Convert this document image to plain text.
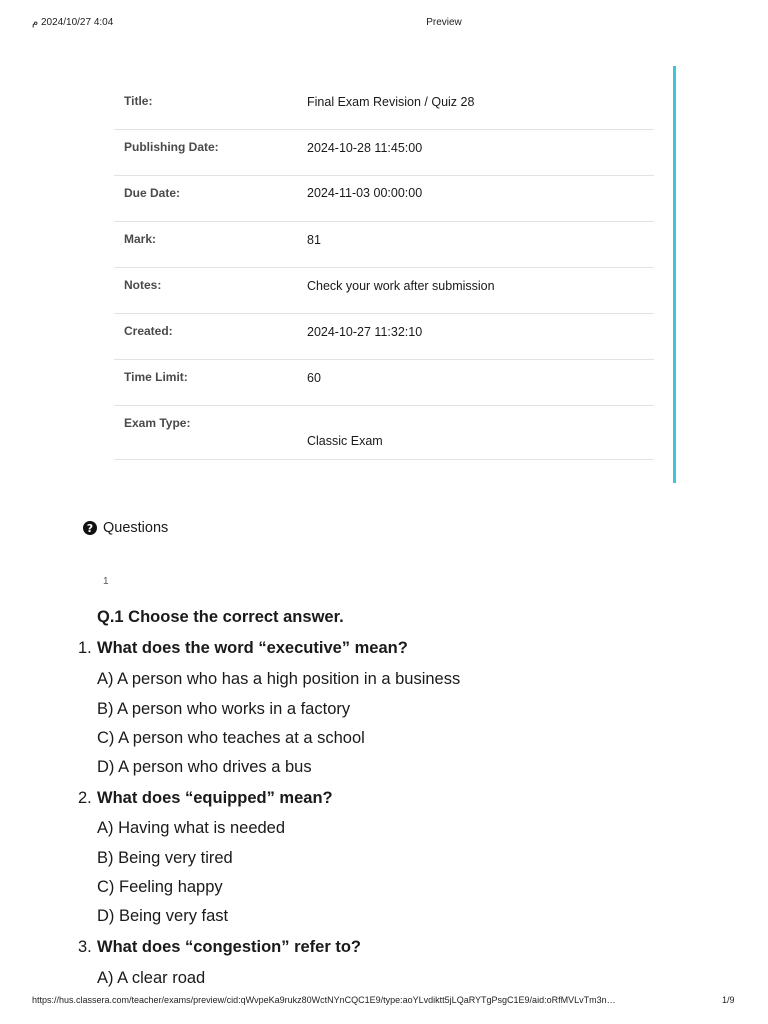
4:04 2024/10/27 م	Preview
Title:	Final Exam Revision / Quiz 28
Publishing Date:	2024-10-28 11:45:00
Due Date:	2024-11-03 00:00:00
Mark:	81
Notes:	Check your work after submission
Created:	2024-10-27 11:32:10
Time Limit:	60
Exam Type:
Classic Exam
? Questions
1
Q.1 Choose the correct answer.
1. What does the word “executive” mean?
A) A person who has a high position in a business
B) A person who works in a factory
C) A person who teaches at a school
D) A person who drives a bus
2. What does “equipped” mean?
A) Having what is needed
B) Being very tired
C) Feeling happy
D) Being very fast
3. What does “congestion” refer to?
A) A clear road
https://hus.classera.com/teacher/exams/preview/cid:qWvpeKa9rukz80WctNYnCQC1E9/type:aoYLvdiktt5jLQaRYTgPsgC1E9/aid:oRfMVLvTm3n…	1/9
